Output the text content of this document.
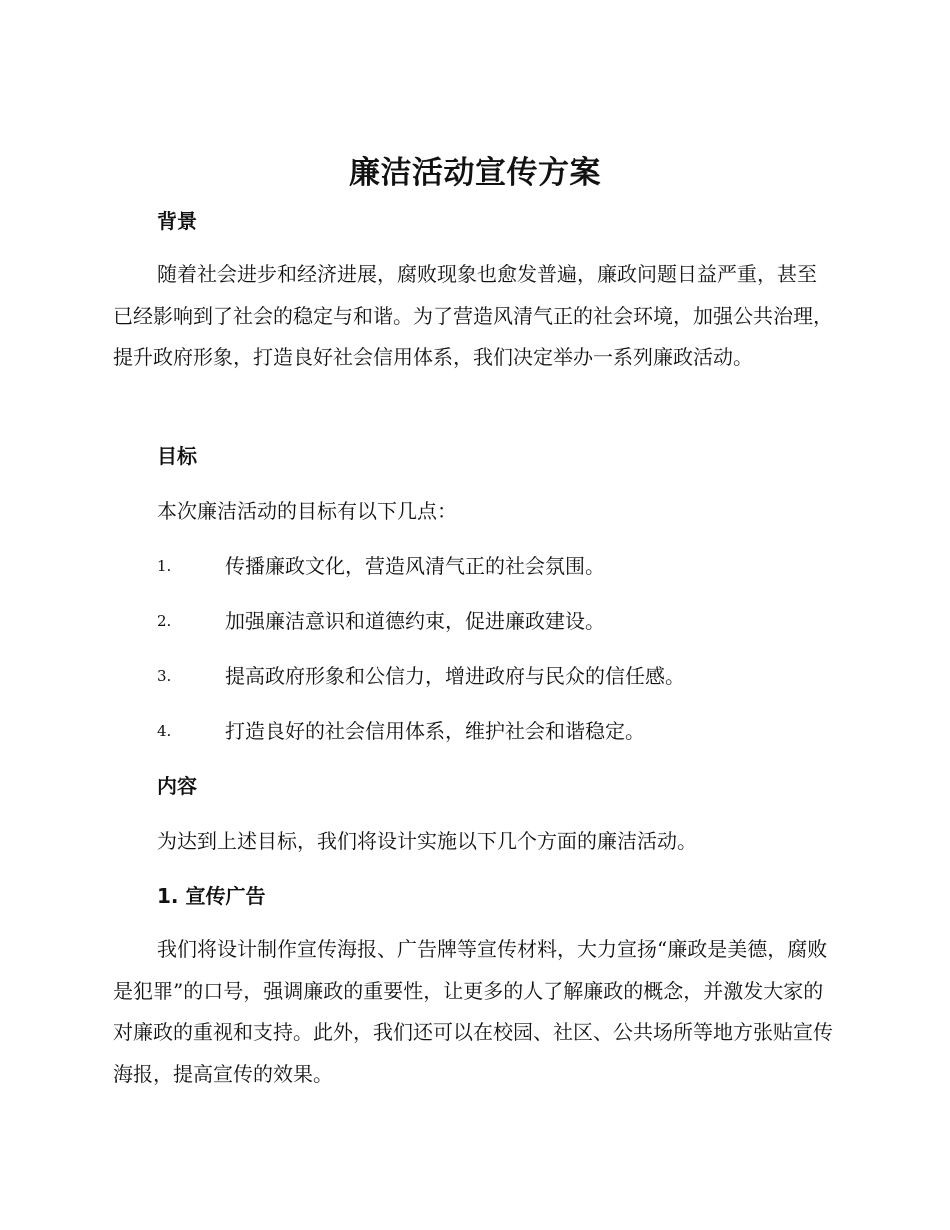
廉洁活动宣传方案
背景

随着社会进步和经济进展，腐败现象也愈发普遍，廉政问题日益严重，甚至已经影响到了社会的稳定与和谐。为了营造风清气正的社会环境，加强公共治理，提升政府形象，打造良好社会信用体系，我们决定举办一系列廉政活动。

目标
本次廉洁活动的目标有以下几点：
1.	传播廉政文化，营造风清气正的社会氛围。
2.	加强廉洁意识和道德约束，促进廉政建设。
3.	提高政府形象和公信力，增进政府与民众的信任感。
4.	打造良好的社会信用体系，维护社会和谐稳定。
内容
为达到上述目标，我们将设计实施以下几个方面的廉洁活动。
1. 宣传广告

我们将设计制作宣传海报、广告牌等宣传材料，大力宣扬“廉政是美德，腐败是犯罪”的口号，强调廉政的重要性，让更多的人了解廉政的概念，并激发大家的对廉政的重视和支持。此外，我们还可以在校园、社区、公共场所等地方张贴宣传海报，提高宣传的效果。
